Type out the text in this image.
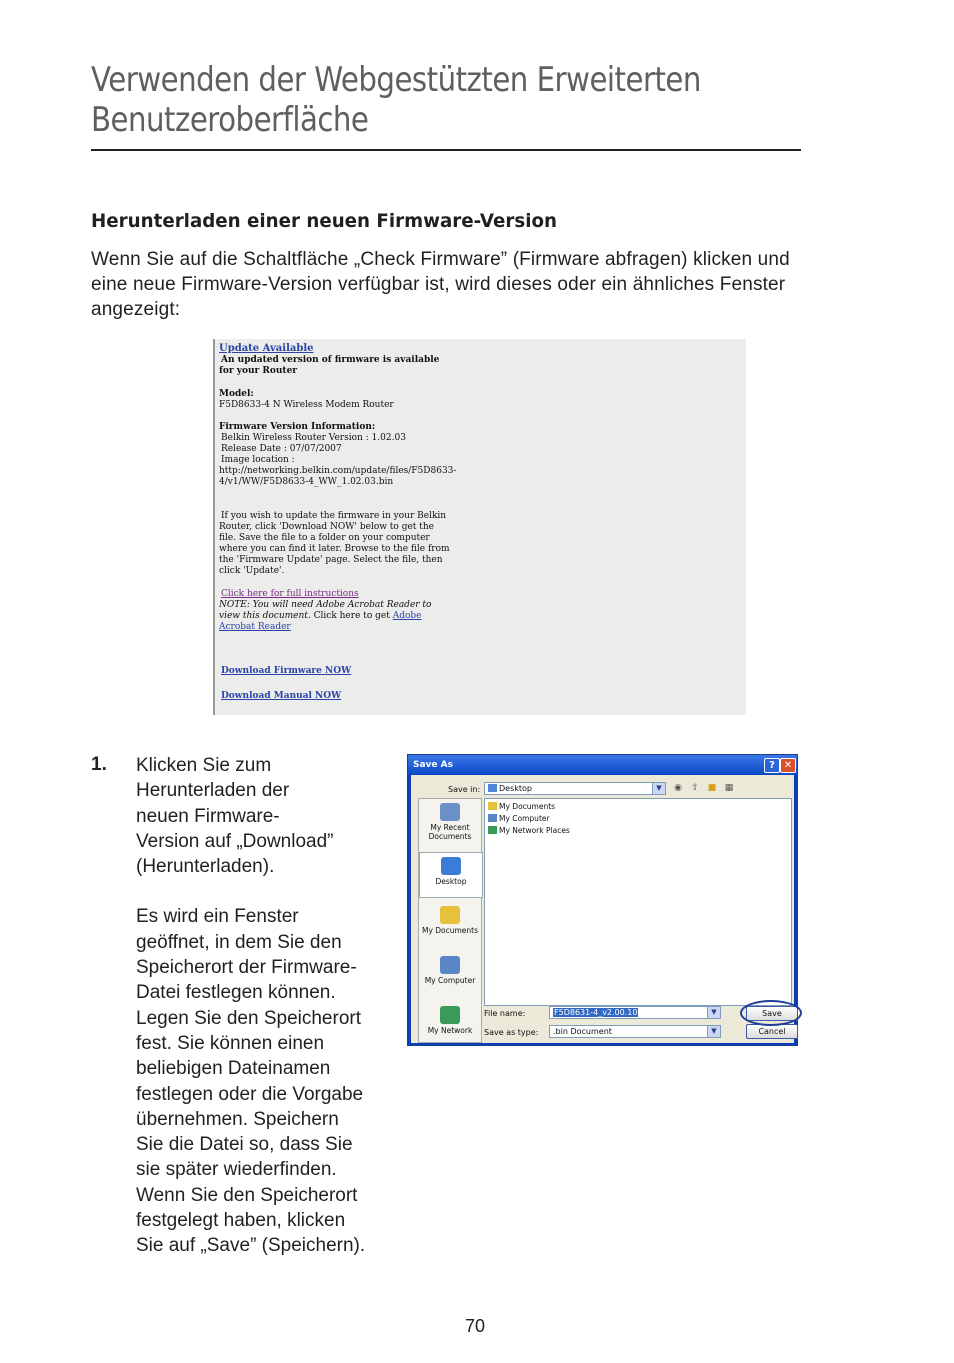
Verwenden der Webgestützten Erweiterten
Benutzeroberfläche
Herunterladen einer neuen Firmware-Version

Wenn Sie auf die Schaltfläche „Check Firmware” (Firmware abfragen) klicken und eine neue Firmware-Version verfügbar ist, wird dieses oder ein ähnliches Fenster angezeigt:

Update Available
An updated version of firmware is available
for your Router
Model:
F5D8633-4 N Wireless Modem Router
Firmware Version Information:
Belkin Wireless Router Version : 1.02.03
Release Date : 07/07/2007
Image location :
http://networking.belkin.com/update/files/F5D8633-
4/v1/WW/F5D8633-4_WW_1.02.03.bin
If you wish to update the firmware in your Belkin
Router, click 'Download NOW' below to get the
file. Save the file to a folder on your computer
where you can find it later. Browse to the file from
the 'Firmware Update' page. Select the file, then
click 'Update'.
Click here for full instructions
NOTE: You will need Adobe Acrobat Reader to
view this document. Click here to get Adobe
Acrobat Reader
Download Firmware NOW
Download Manual NOW
1. Klicken Sie zum
Herunterladen der
neuen Firmware-
Version auf „Download”
(Herunterladen).

Es wird ein Fenster
geöffnet, in dem Sie den
Speicherort der Firmware-
Datei festlegen können.
Legen Sie den Speicherort
fest. Sie können einen
beliebigen Dateinamen
festlegen oder die Vorgabe
übernehmen. Speichern
Sie die Datei so, dass Sie
sie später wiederfinden.
Wenn Sie den Speicherort
festgelegt haben, klicken
Sie auf „Save” (Speichern).

Save As	? ✕
Save in:	Desktop	▼	◉ ⇧ ■ ▦
My Recent Documents
Desktop
My Documents
My Computer
My Network
My Documents
My Computer
My Network Places
File name:	F5D8631-4_v2.00.10	▼
Save as type: .bin Document	▼
Save
Cancel
70
